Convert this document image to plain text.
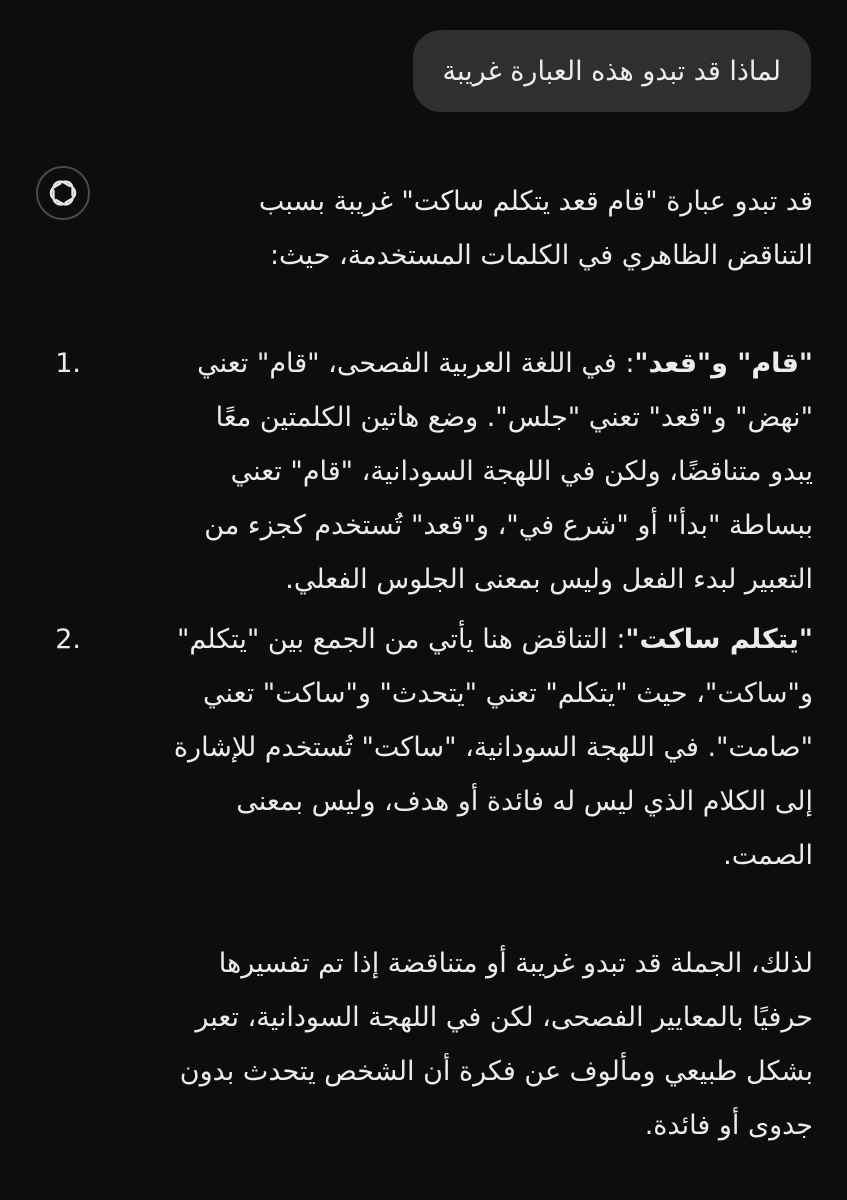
لماذا قد تبدو هذه العبارة غريبة

قد تبدو عبارة "قام قعد يتكلم ساكت" غريبة بسبب التناقض الظاهري في الكلمات المستخدمة، حيث:

1.	"قام" و"قعد": في اللغة العربية الفصحى، "قام" تعني "نهض" و"قعد" تعني "جلس". وضع هاتين الكلمتين معًا يبدو متناقضًا، ولكن في اللهجة السودانية، "قام" تعني ببساطة "بدأ" أو "شرع في"، و"قعد" تُستخدم كجزء من التعبير لبدء الفعل وليس بمعنى الجلوس الفعلي.
2.	"يتكلم ساكت": التناقض هنا يأتي من الجمع بين "يتكلم" و"ساكت"، حيث "يتكلم" تعني "يتحدث" و"ساكت" تعني "صامت". في اللهجة السودانية، "ساكت" تُستخدم للإشارة إلى الكلام الذي ليس له فائدة أو هدف، وليس بمعنى الصمت.

لذلك، الجملة قد تبدو غريبة أو متناقضة إذا تم تفسيرها حرفيًا بالمعايير الفصحى، لكن في اللهجة السودانية، تعبر بشكل طبيعي ومألوف عن فكرة أن الشخص يتحدث بدون جدوى أو فائدة.
